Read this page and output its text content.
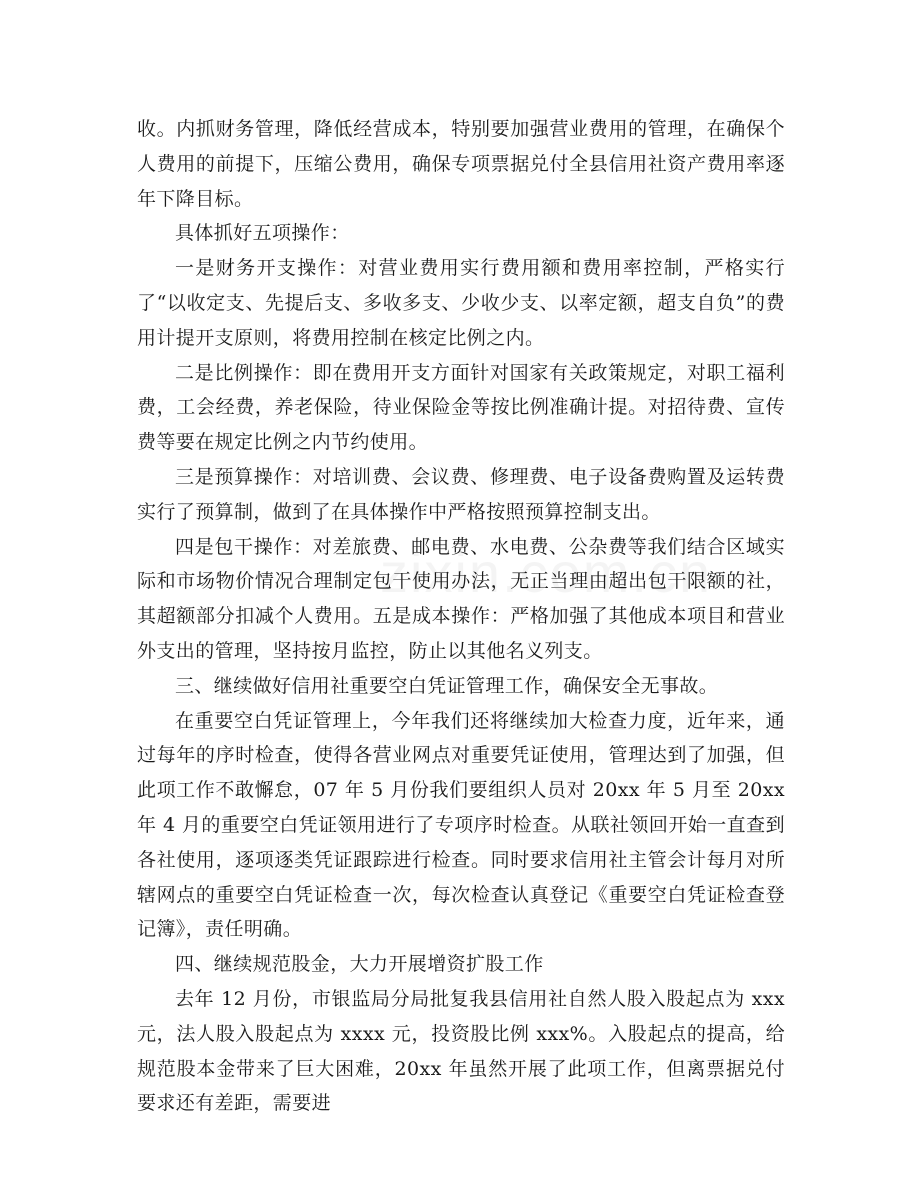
收。内抓财务管理，降低经营成本，特别要加强营业费用的管理，在确保个人费用的前提下，压缩公费用，确保专项票据兑付全县信用社资产费用率逐年下降目标。

具体抓好五项操作：

一是财务开支操作：对营业费用实行费用额和费用率控制，严格实行了“以收定支、先提后支、多收多支、少收少支、以率定额，超支自负”的费用计提开支原则，将费用控制在核定比例之内。

二是比例操作：即在费用开支方面针对国家有关政策规定，对职工福利费，工会经费，养老保险，待业保险金等按比例准确计提。对招待费、宣传费等要在规定比例之内节约使用。

三是预算操作：对培训费、会议费、修理费、电子设备费购置及运转费实行了预算制，做到了在具体操作中严格按照预算控制支出。

四是包干操作：对差旅费、邮电费、水电费、公杂费等我们结合区域实际和市场物价情况合理制定包干使用办法，无正当理由超出包干限额的社，其超额部分扣减个人费用。五是成本操作：严格加强了其他成本项目和营业外支出的管理，坚持按月监控，防止以其他名义列支。

三、继续做好信用社重要空白凭证管理工作，确保安全无事故。

在重要空白凭证管理上，今年我们还将继续加大检查力度，近年来，通过每年的序时检查，使得各营业网点对重要凭证使用，管理达到了加强，但此项工作不敢懈怠，07 年 5 月份我们要组织人员对 20xx 年 5 月至 20xx 年 4 月的重要空白凭证领用进行了专项序时检查。从联社领回开始一直查到各社使用，逐项逐类凭证跟踪进行检查。同时要求信用社主管会计每月对所辖网点的重要空白凭证检查一次，每次检查认真登记《重要空白凭证检查登记簿》，责任明确。

四、继续规范股金，大力开展增资扩股工作

去年 12 月份，市银监局分局批复我县信用社自然人股入股起点为 xxx 元，法人股入股起点为 xxxx 元，投资股比例 xxx%。入股起点的提高，给规范股本金带来了巨大困难，20xx 年虽然开展了此项工作，但离票据兑付要求还有差距，需要进
